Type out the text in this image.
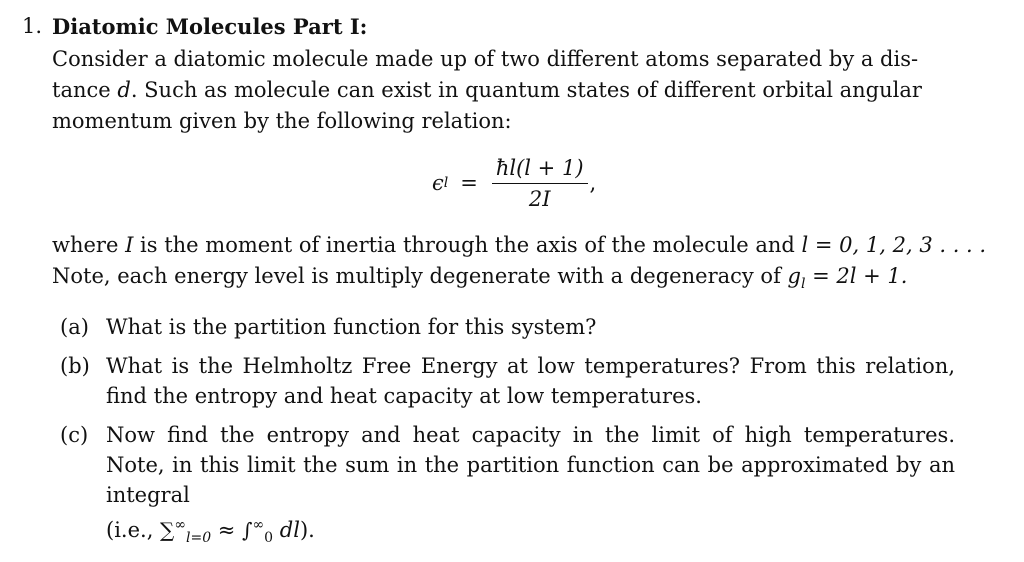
1. Diatomic Molecules Part I:

Consider a diatomic molecule made up of two different atoms separated by a dis-

tance d. Such as molecule can exist in quantum states of different orbital angular

momentum given by the following relation:

ϵ $l = \frac{ħl(l + 1)}{2I}$ ,
where I is the moment of inertia through the axis of the molecule and l = 0, 1, 2, 3 . . . .
Note, each energy level is multiply degenerate with a degeneracy of $g_l = 2l + 1$.
(a) What is the partition function for this system?
(b) What is the Helmholtz Free Energy at low temperatures? From this relation, find the entropy and heat capacity at low temperatures.
(c) Now find the entropy and heat capacity in the limit of high temperatures. Note, in this limit the sum in the partition function can be approximated by an integral
(i.e., $\sum^\infty_{l=0} \approx \int^\infty_0$ dl).
